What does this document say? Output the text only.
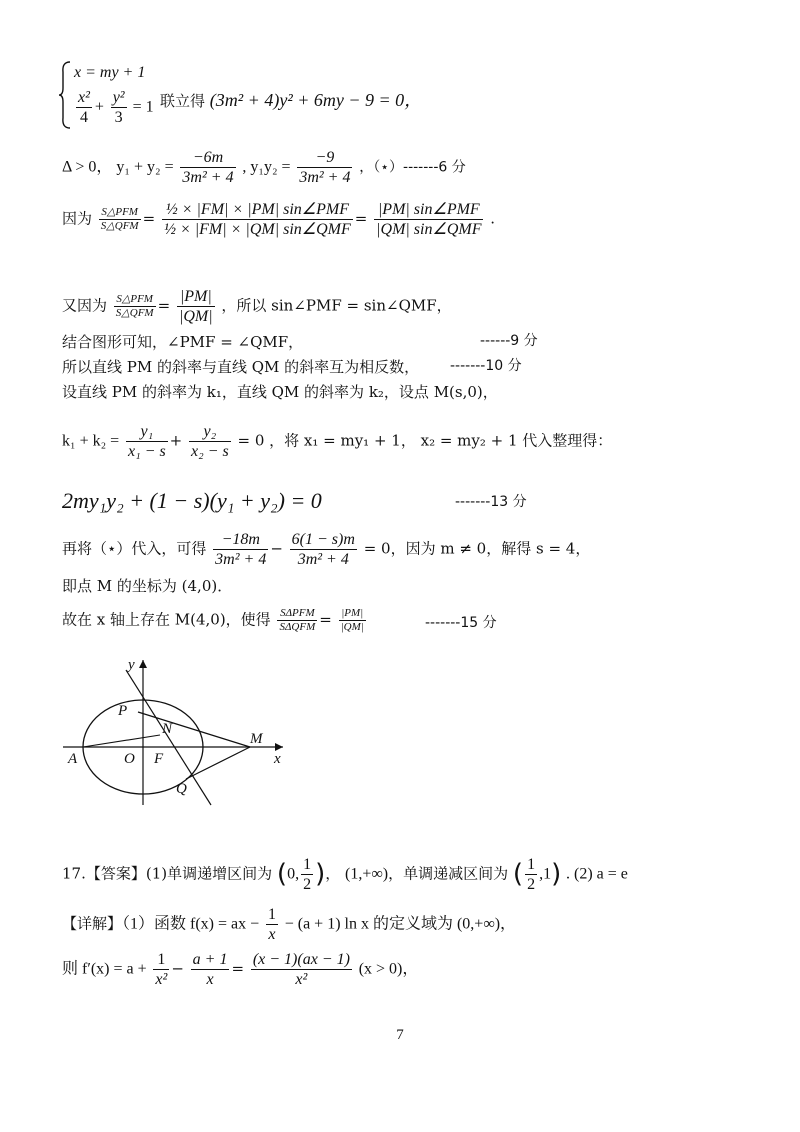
x = my + 1
$\frac{\text{x²}}{4} + \frac{\text{y²}}{3} = 1$ 联立得 (3m² + 4)y² + 6my − 9 = 0，
Δ > 0， $y_1 + y_2 = \frac{-6m}{\text{3m² + 4}}$ , $y_1y_2 = \frac{-9}{\text{3m² + 4}}$ ，（⋆）-------6 分
因为 $\frac{\text{S△PFM}}{\text{S△QFM}} = \frac{\text{½ × |FM| × |PM| sin∠PMF}}{\text{½ × |FM| × |QM| sin∠QMF}} = \frac{\text{|PM| sin∠PMF}}{\text{|QM| sin∠QMF}}$ .
又因为 $\frac{\text{S△PFM}}{\text{S△QFM}} = \frac{|PM|}{|QM|}$ ，所以 sin∠PMF = sin∠QMF，
结合图形可知，∠PMF = ∠QMF，	------9 分
所以直线 PM 的斜率与直线 QM 的斜率互为相反数， -------10 分
设直线 PM 的斜率为 k₁，直线 QM 的斜率为 k₂，设点 M(s,0)，
$k_1 + k_2 = \frac{\text{y₁}}{\text{x₁ − s}} + \frac{\text{y₂}}{\text{x₂ − s}} = 0$ ，将 x₁ = my₁ + 1， x₂ = my₂ + 1 代入整理得：
2my₁y₂ + (1 − s)(y₁ + y₂) = 0	-------13 分
再将（⋆）代入，可得 $\frac{-18m}{\text{3m² + 4}} - \frac{6(1 - s)m}{\text{3m² + 4}} = 0$，因为 m ≠ 0，解得 s = 4，
即点 M 的坐标为 (4,0)．
故在 x 轴上存在 M(4,0)，使得 $\frac{\text{SΔPFM}}{\text{SΔQFM}} = \frac{|PM|}{|QM|}$	-------15 分
y
x
P
N
M
A	O F
Q
17.【答案】(1)单调递增区间为 (0, $\frac{1}{2}$ )， (1,+∞)，单调递减区间为 ( $\frac{1}{2} ,1$) . (2) a = e
【详解】（1）函数 f(x) = ax − $\frac{1}{x} - (a + 1)$ ln x 的定义域为 (0,+∞)，
则 $f'(x) = a + \frac{1}{\text{x²}} - \frac{a + 1}{x} = \frac{(x - 1)(ax - 1)}{\text{x²}} (x > 0)$，
7
